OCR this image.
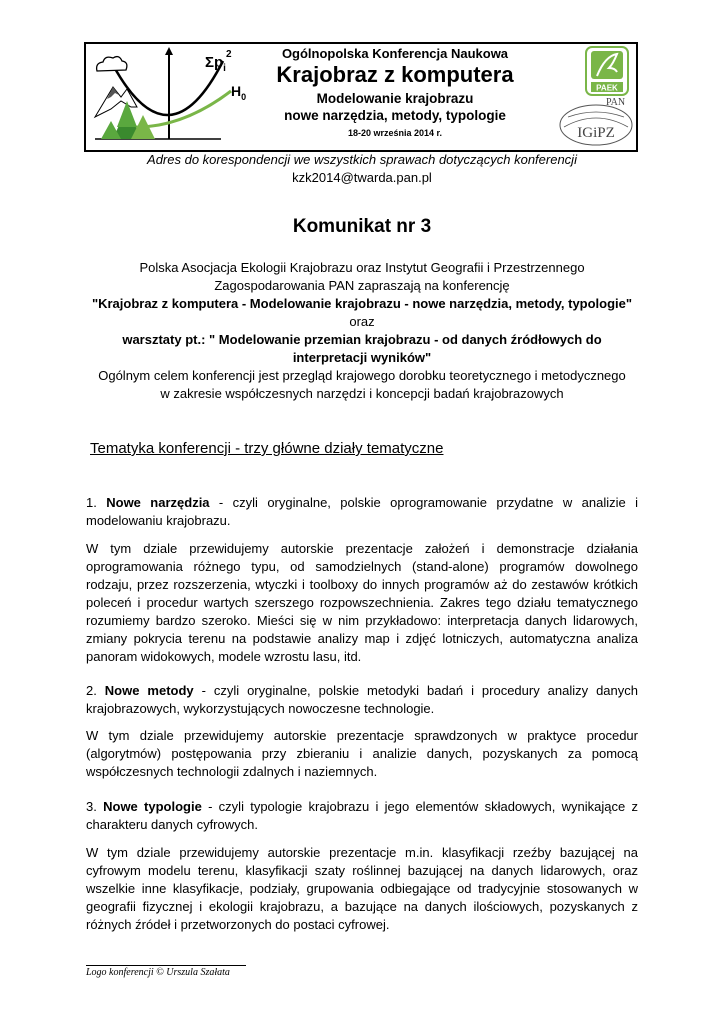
$\Sigma p_i^2$
$H_0$
Ogólnopolska Konferencja Naukowa
Krajobraz z komputera
Modelowanie krajobrazu
nowe narzędzia, metody, typologie
18-20 września 2014 r.
PAEK
PAN
IGiPZ
Adres do korespondencji we wszystkich sprawach dotyczących konferencji
kzk2014@twarda.pan.pl
Komunikat nr 3
Polska Asocjacja Ekologii Krajobrazu oraz Instytut Geografii i Przestrzennego
Zagospodarowania PAN zapraszają na konferencję
"Krajobraz z komputera - Modelowanie krajobrazu - nowe narzędzia, metody, typologie"
oraz
warsztaty pt.: " Modelowanie przemian krajobrazu - od danych źródłowych do
interpretacji wyników"
Ogólnym celem konferencji jest przegląd krajowego dorobku teoretycznego i metodycznego
w zakresie współczesnych narzędzi i koncepcji badań krajobrazowych
Tematyka konferencji - trzy główne działy tematyczne
1. Nowe narzędzia - czyli oryginalne, polskie oprogramowanie przydatne w analizie i modelowaniu krajobrazu.
W tym dziale przewidujemy autorskie prezentacje założeń i demonstracje działania oprogramowania różnego typu, od samodzielnych (stand-alone) programów dowolnego rodzaju, przez rozszerzenia, wtyczki i toolboxy do innych programów aż do zestawów krótkich poleceń i procedur wartych szerszego rozpowszechnienia. Zakres tego działu tematycznego rozumiemy bardzo szeroko. Mieści się w nim przykładowo: interpretacja danych lidarowych, zmiany pokrycia terenu na podstawie analizy map i zdjęć lotniczych, automatyczna analiza panoram widokowych, modele wzrostu lasu, itd.
2. Nowe metody - czyli oryginalne, polskie metodyki badań i procedury analizy danych krajobrazowych, wykorzystujących nowoczesne technologie.
W tym dziale przewidujemy autorskie prezentacje sprawdzonych w praktyce procedur (algorytmów) postępowania przy zbieraniu i analizie danych, pozyskanych za pomocą współczesnych technologii zdalnych i naziemnych.
3. Nowe typologie - czyli typologie krajobrazu i jego elementów składowych, wynikające z charakteru danych cyfrowych.
W tym dziale przewidujemy autorskie prezentacje m.in. klasyfikacji rzeźby bazującej na cyfrowym modelu terenu, klasyfikacji szaty roślinnej bazującej na danych lidarowych, oraz wszelkie inne klasyfikacje, podziały, grupowania odbiegające od tradycyjnie stosowanych w geografii fizycznej i ekologii krajobrazu, a bazujące na danych ilościowych, pozyskanych z różnych źródeł i przetworzonych do postaci cyfrowej.
Logo konferencji © Urszula Szałata
